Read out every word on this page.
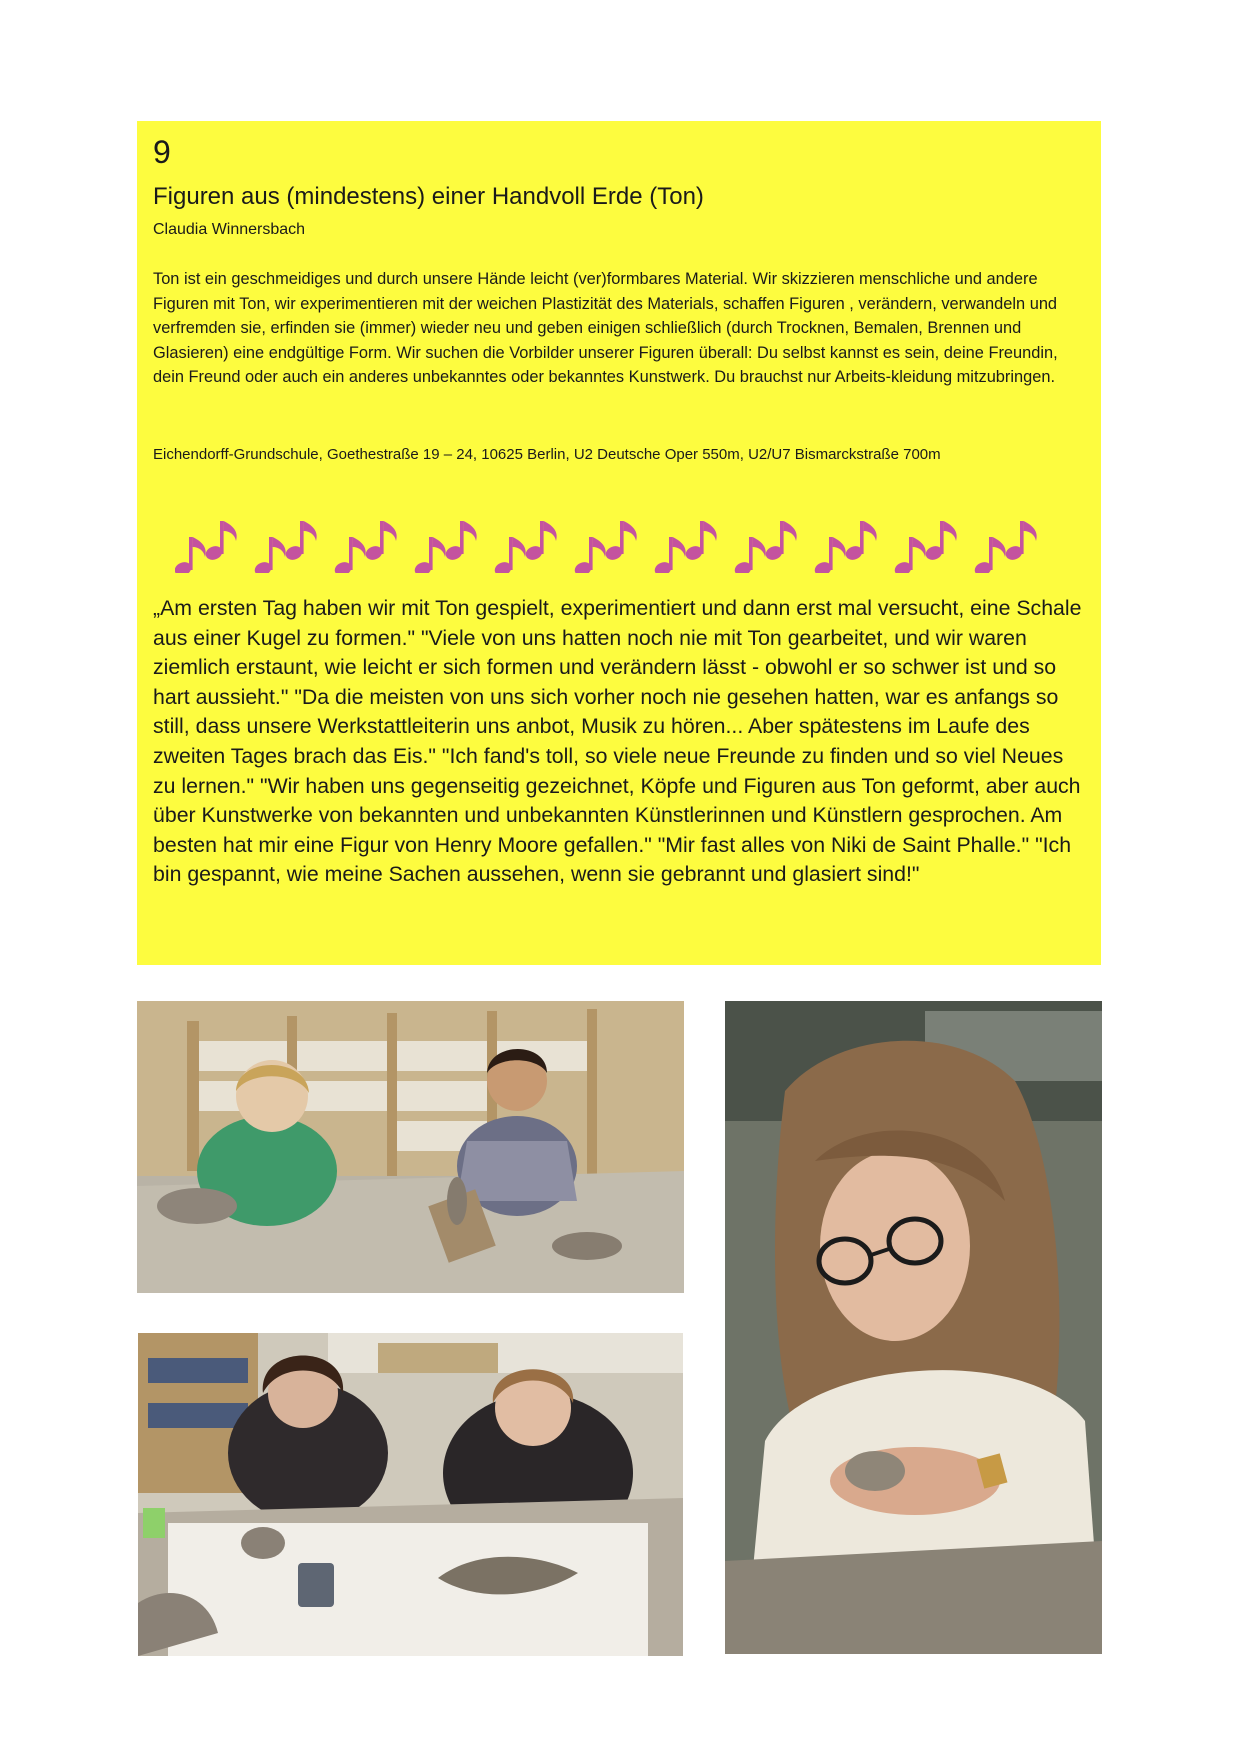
9
Figuren aus (mindestens) einer Handvoll Erde (Ton)
Claudia Winnersbach

Ton ist ein geschmeidiges und durch unsere Hände leicht (ver)formbares Material. Wir skizzieren menschliche und andere Figuren mit Ton, wir experimentieren mit der weichen Plastizität des Materials, schaffen Figuren , verändern, verwandeln und verfremden sie, erfinden sie (immer) wieder neu und geben einigen schließlich (durch Trocknen, Bemalen, Brennen und Glasieren) eine endgültige Form. Wir suchen die Vorbilder unserer Figuren überall: Du selbst kannst es sein, deine Freundin, dein Freund oder auch ein anderes unbekanntes oder bekanntes Kunstwerk. Du brauchst nur Arbeits-kleidung mitzubringen.

Eichendorff-Grundschule, Goethestraße 19 – 24, 10625 Berlin, U2 Deutsche Oper 550m, U2/U7 Bismarckstraße 700m

„Am ersten Tag haben wir mit Ton gespielt, experimentiert und dann erst mal versucht, eine Schale aus einer Kugel zu formen." "Viele von uns hatten noch nie mit Ton gearbeitet, und wir waren ziemlich erstaunt, wie leicht er sich formen und verändern lässt - obwohl er so schwer ist und so hart aussieht." "Da die meisten von uns sich vorher noch nie gesehen hatten, war es anfangs so still, dass unsere Werkstattleiterin uns anbot, Musik zu hören... Aber spätestens im Laufe des zweiten Tages brach das Eis." "Ich fand's toll, so viele neue Freunde zu finden und so viel Neues zu lernen." "Wir haben uns gegenseitig gezeichnet, Köpfe und Figuren aus Ton geformt, aber auch über Kunstwerke von bekannten und unbekannten Künstlerinnen und Künstlern gesprochen. Am besten hat mir eine Figur von Henry Moore gefallen." "Mir fast alles von Niki de Saint Phalle." "Ich bin gespannt, wie meine Sachen aussehen, wenn sie gebrannt und glasiert sind!"
